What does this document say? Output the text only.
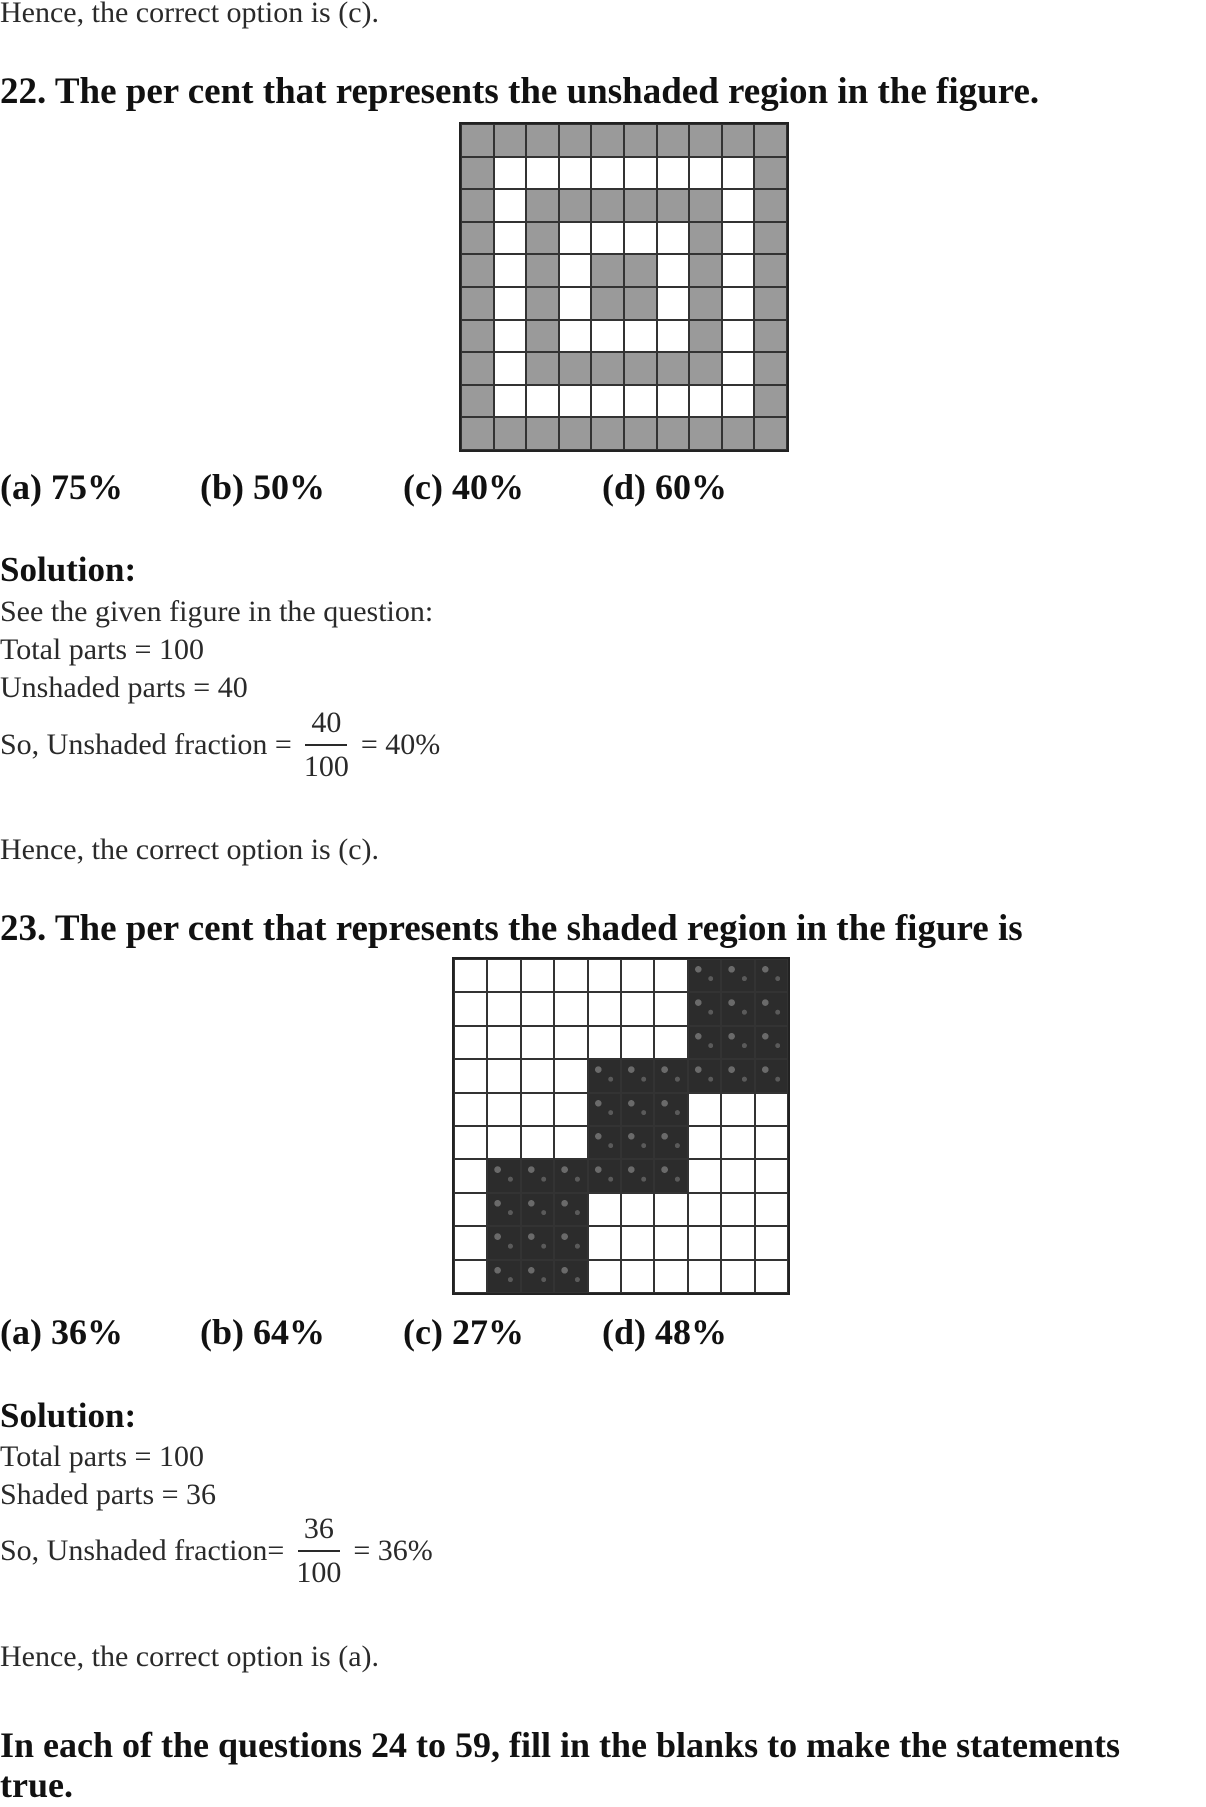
Hence, the correct option is (c).
22. The per cent that represents the unshaded region in the figure.
(a) 75% (b) 50% (c) 40% (d) 60%
Solution:
See the given figure in the question:
Total parts = 100
Unshaded parts = 40
So, Unshaded fraction = $\frac{40}{100} = 40\%$
Hence, the correct option is (c).
23. The per cent that represents the shaded region in the figure is
(a) 36% (b) 64% (c) 27% (d) 48%
Solution:
Total parts = 100
Shaded parts = 36
So, Unshaded fraction= $\frac{36}{100} = 36\%$
Hence, the correct option is (a).
In each of the questions 24 to 59, fill in the blanks to make the statements
true.
